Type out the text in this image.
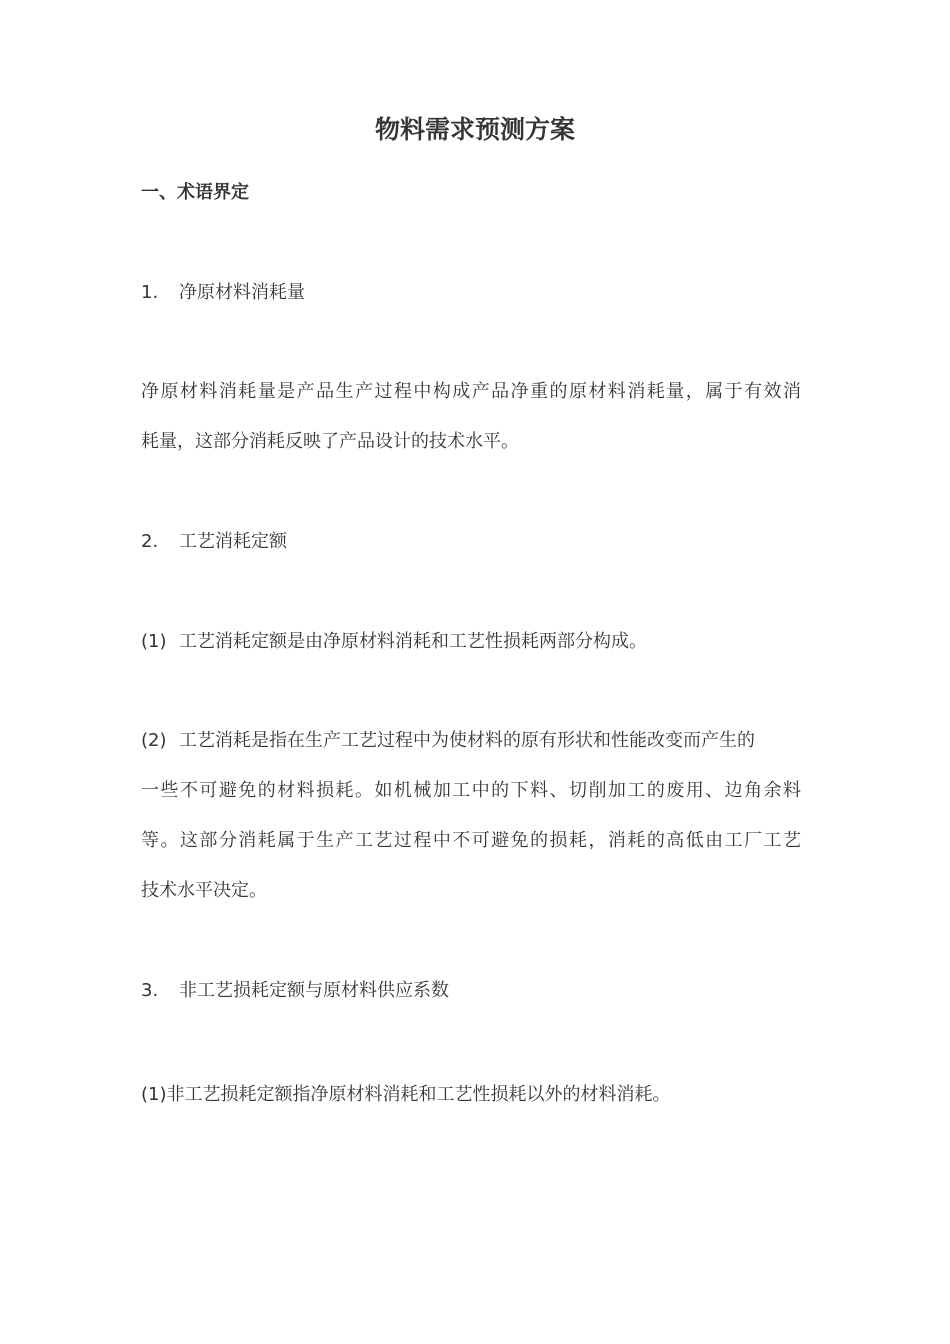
物料需求预测方案
一、术语界定
1. 净原材料消耗量
净原材料消耗量是产品生产过程中构成产品净重的原材料消耗量，属于有效消
耗量，这部分消耗反映了产品设计的技术水平。
2. 工艺消耗定额
(1) 工艺消耗定额是由净原材料消耗和工艺性损耗两部分构成。
(2) 工艺消耗是指在生产工艺过程中为使材料的原有形状和性能改变而产生的
一些不可避免的材料损耗。如机械加工中的下料、切削加工的废用、边角余料
等。这部分消耗属于生产工艺过程中不可避免的损耗，消耗的高低由工厂工艺
技术水平决定。
3. 非工艺损耗定额与原材料供应系数
(1)非工艺损耗定额指净原材料消耗和工艺性损耗以外的材料消耗。
